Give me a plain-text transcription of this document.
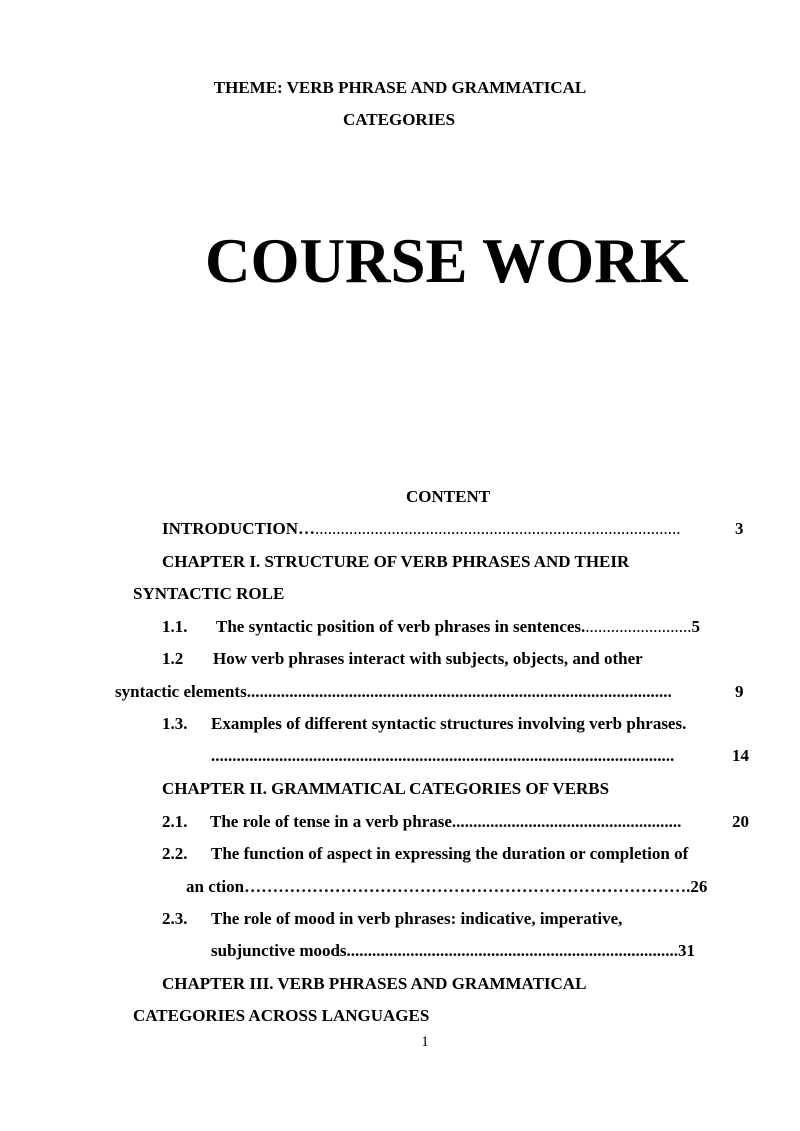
THEME: VERB PHRASE AND GRAMMATICAL
CATEGORIES
COURSE WORK
CONTENT
INTRODUCTION…......................................................................................	3
CHAPTER I. STRUCTURE OF VERB PHRASES AND THEIR
SYNTACTIC ROLE
1.1. The syntactic position of verb phrases in sentences..........................5
1.2 How verb phrases interact with subjects, objects, and other
syntactic elements....................................................................................................	9
1.3. Examples of different syntactic structures involving verb phrases.
.............................................................................................................	14
CHAPTER II. GRAMMATICAL CATEGORIES OF VERBS
2.1. The role of tense in a verb phrase......................................................	20
2.2. The function of aspect in expressing the duration or completion of
an ction…………………………………………………………………….26
2.3. The role of mood in verb phrases: indicative, imperative,
subjunctive moods..............................................................................31
CHAPTER III. VERB PHRASES AND GRAMMATICAL
CATEGORIES ACROSS LANGUAGES
1
